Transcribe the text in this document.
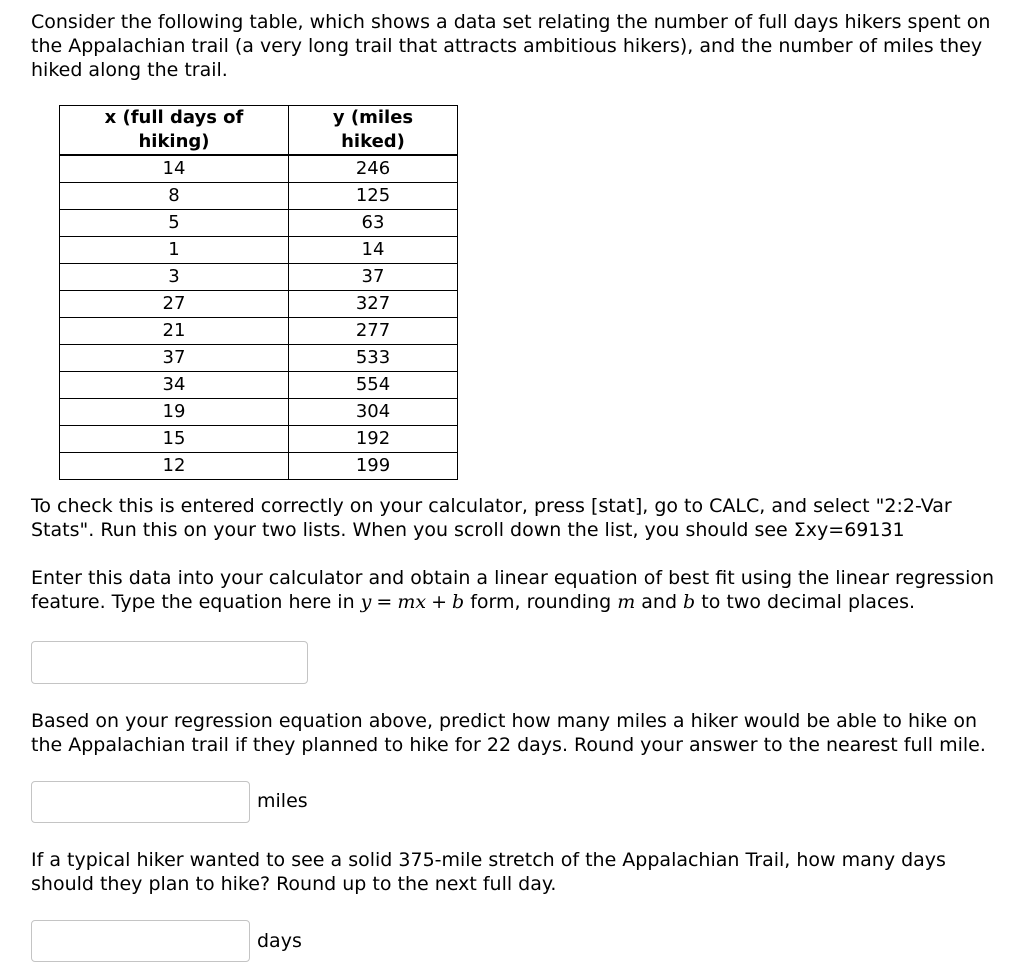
Consider the following table, which shows a data set relating the number of full days hikers spent on the Appalachian trail (a very long trail that attracts ambitious hikers), and the number of miles they hiked along the trail.

x (full days of hiking)	y (miles hiked)
14	246
8	125
5	63
1	14
3	37
27	327
21	277
37	533
34	554
19	304
15	192
12	199

To check this is entered correctly on your calculator, press [stat], go to CALC, and select "2:2-Var Stats". Run this on your two lists. When you scroll down the list, you should see Σxy=69131

Enter this data into your calculator and obtain a linear equation of best fit using the linear regression feature. Type the equation here in y = mx + b form, rounding m and b to two decimal places.

Based on your regression equation above, predict how many miles a hiker would be able to hike on the Appalachian trail if they planned to hike for 22 days. Round your answer to the nearest full mile.

miles

If a typical hiker wanted to see a solid 375-mile stretch of the Appalachian Trail, how many days should they plan to hike? Round up to the next full day.

days
